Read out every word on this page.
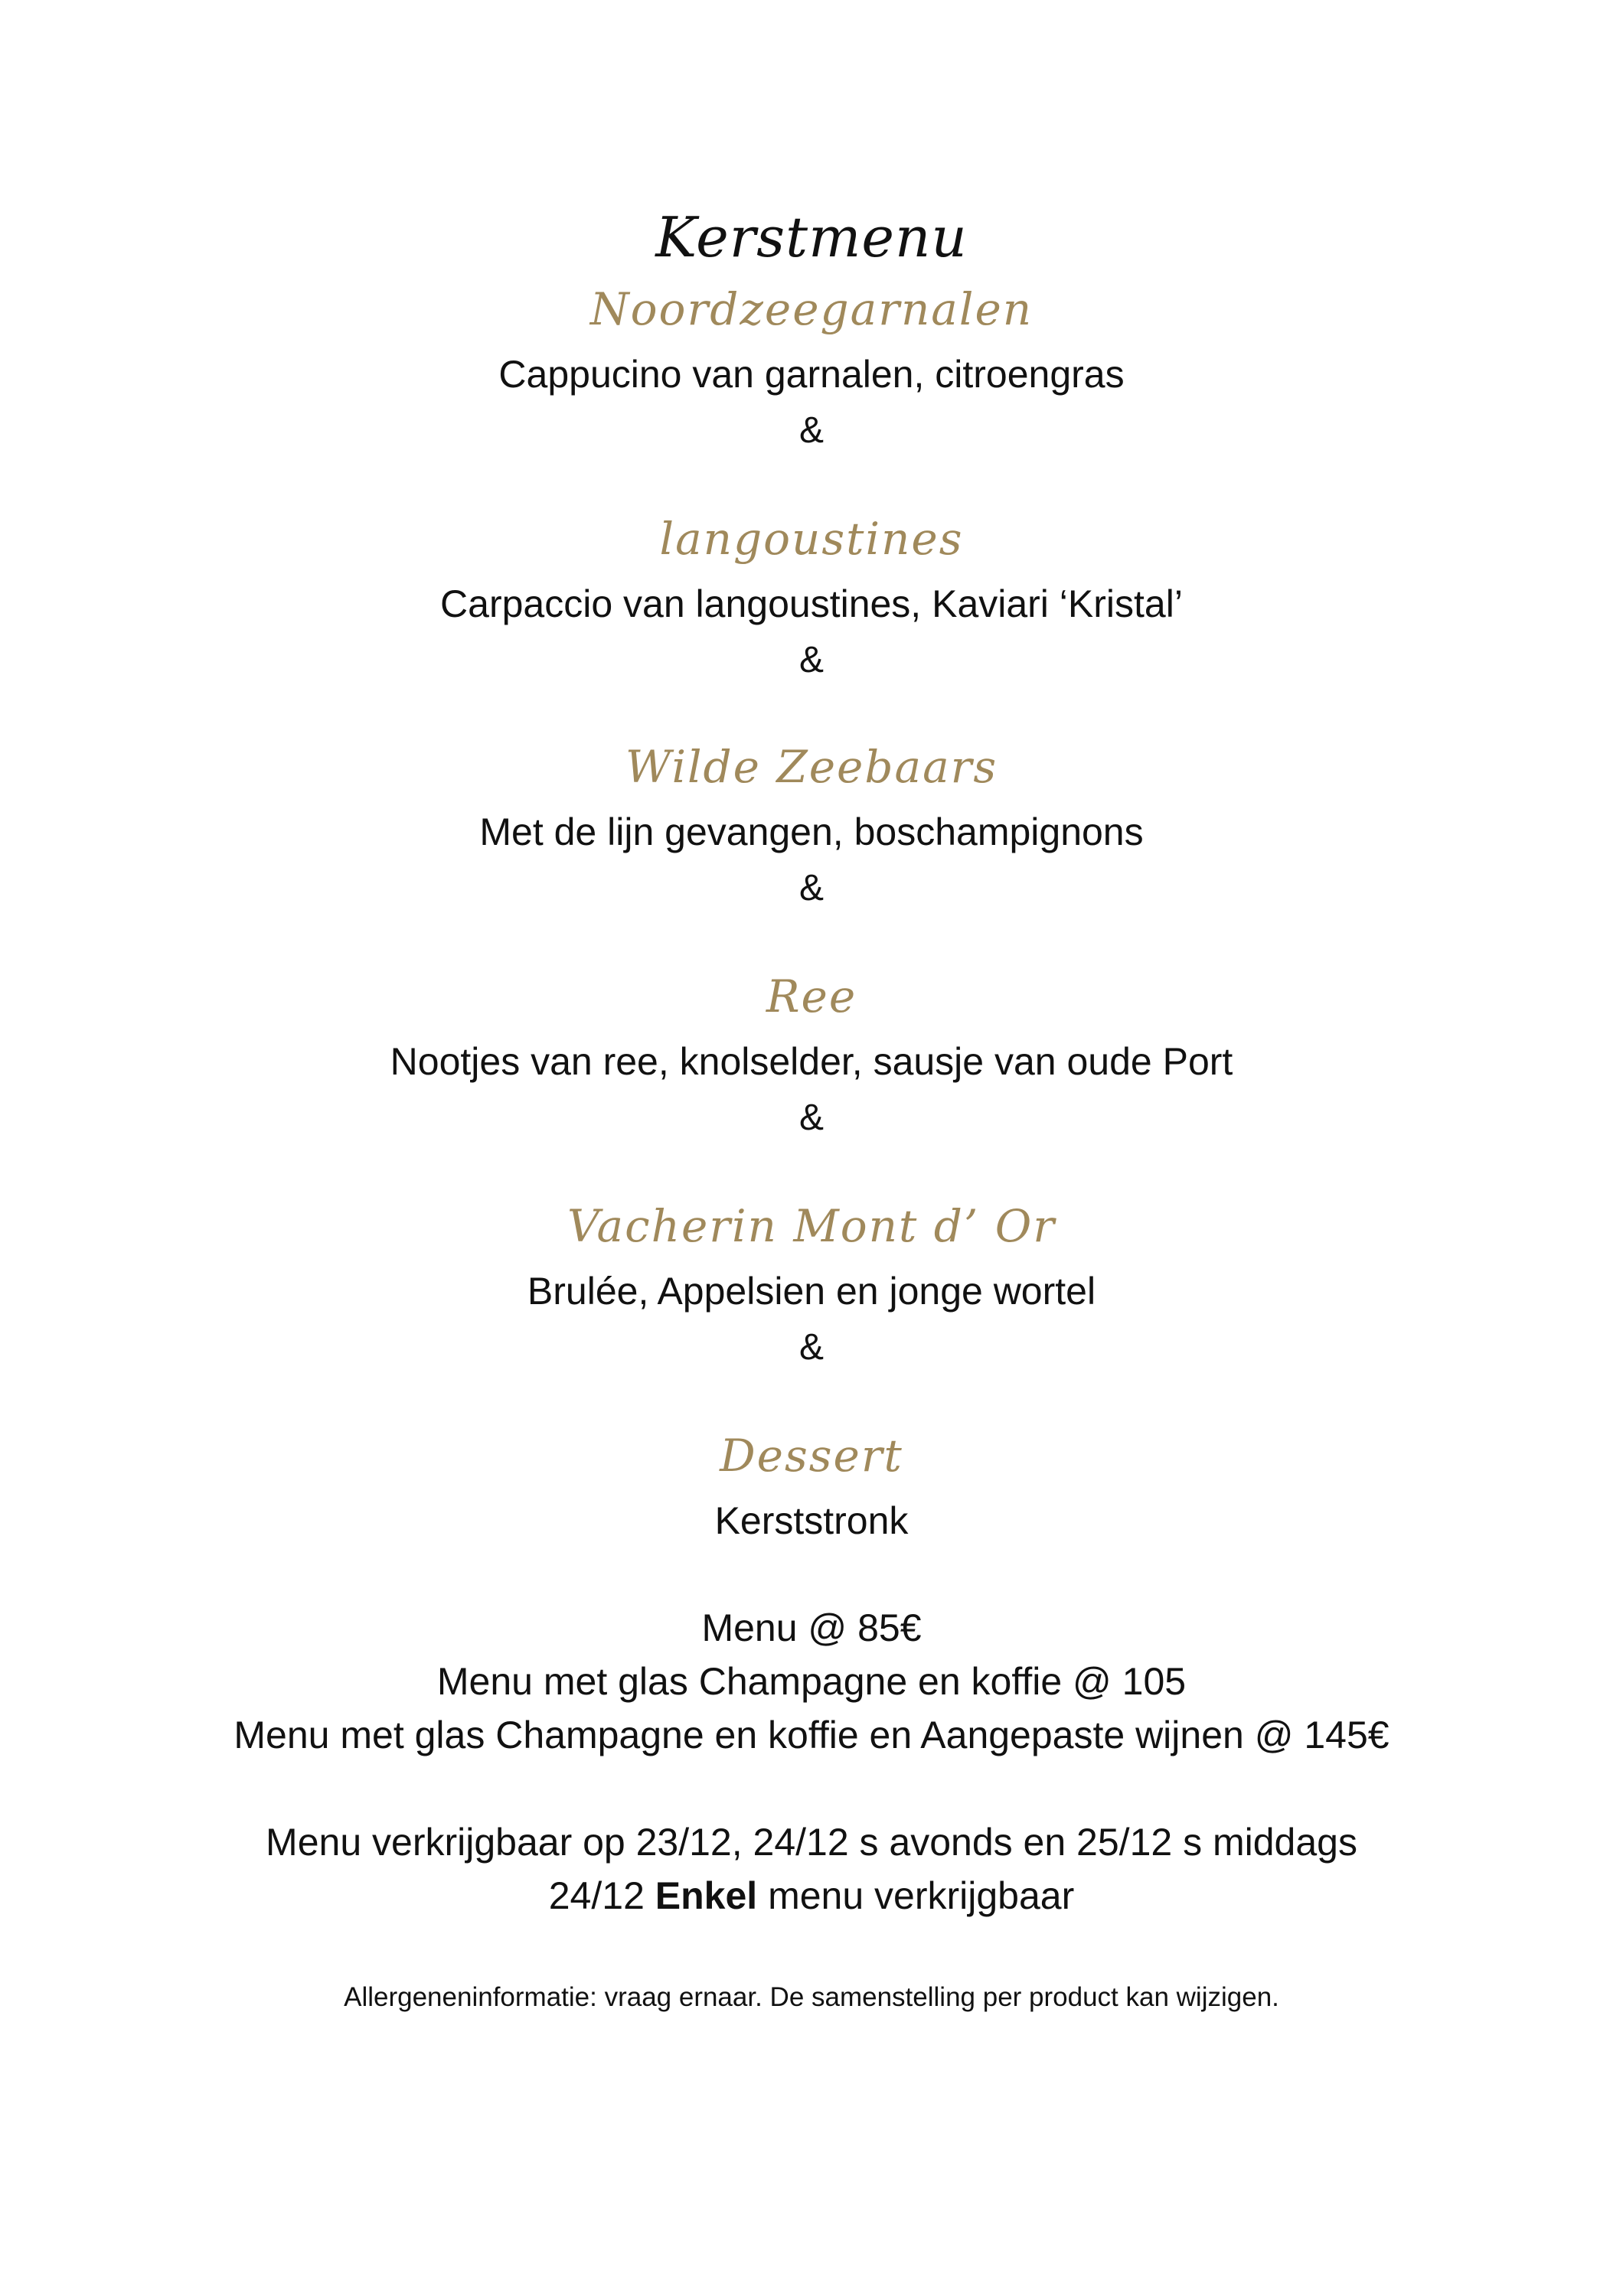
Kerstmenu
Noordzeegarnalen
Cappucino van garnalen, citroengras
&
langoustines
Carpaccio van langoustines, Kaviari ‘Kristal’
&
Wilde Zeebaars
Met de lijn gevangen, boschampignons
&
Ree
Nootjes van ree, knolselder, sausje van oude Port
&
Vacherin Mont d’ Or
Brulée, Appelsien en jonge wortel
&
Dessert
Kerststronk
Menu @ 85€
Menu met glas Champagne en koffie @ 105
Menu met glas Champagne en koffie en Aangepaste wijnen @ 145€
Menu verkrijgbaar op 23/12, 24/12 s avonds en 25/12 s middags
24/12 Enkel menu verkrijgbaar
Allergeneninformatie: vraag ernaar. De samenstelling per product kan wijzigen.
